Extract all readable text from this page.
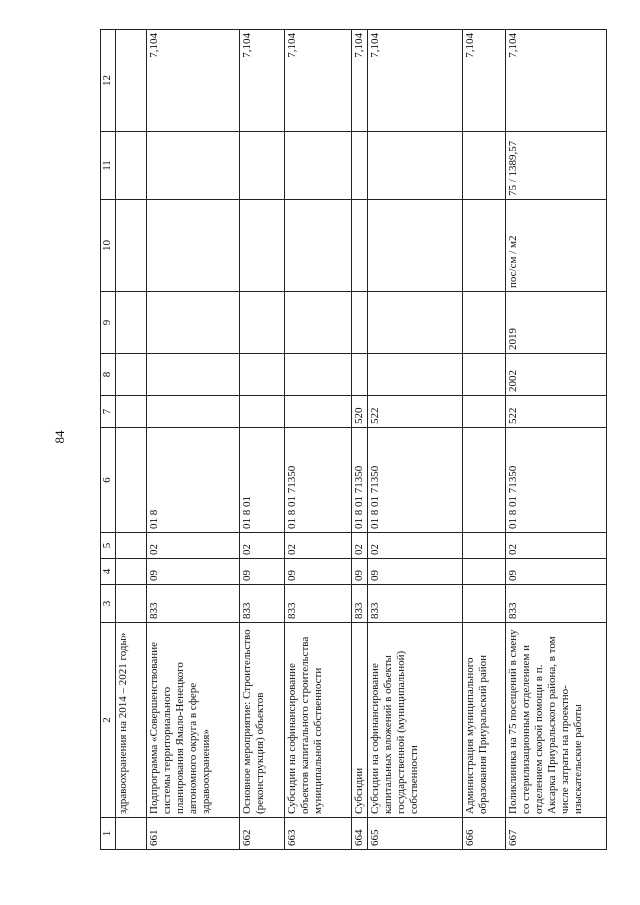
84
1	2	3	4	5	6	7	8	9	10	11	12
	здравоохранения на 2014 – 2021 годы»										
661	Подпрограмма «Совершенствование системы территориального планирования Ямало-Ненецкого автономного округа в сфере здравоохранения»	833	09	02	01 8						7,104
662	Основное мероприятие: Строительство (реконструкция) объектов	833	09	02	01 8 01						7,104
663	Субсидии на софинансирование объектов капитального строительства муниципальной собственности	833	09	02	01 8 01 71350						7,104
664	Субсидии	833	09	02	01 8 01 71350	520					7,104
665	Субсидии на софинансирование капитальных вложений в объекты государственной (муниципальной) собственности	833	09	02	01 8 01 71350	522					7,104
666	Администрация муниципального образования Приуральский район										7,104
667	Поликлиника на 75 посещений в смену со стерилизационным отделением и отделением скорой помощи в п. Аксарка Приуральского района, в том числе затраты на проектно-изыскательские работы	833	09	02	01 8 01 71350	522	2002	2019	пос/см / м2	75 / 1389,57	7,104
